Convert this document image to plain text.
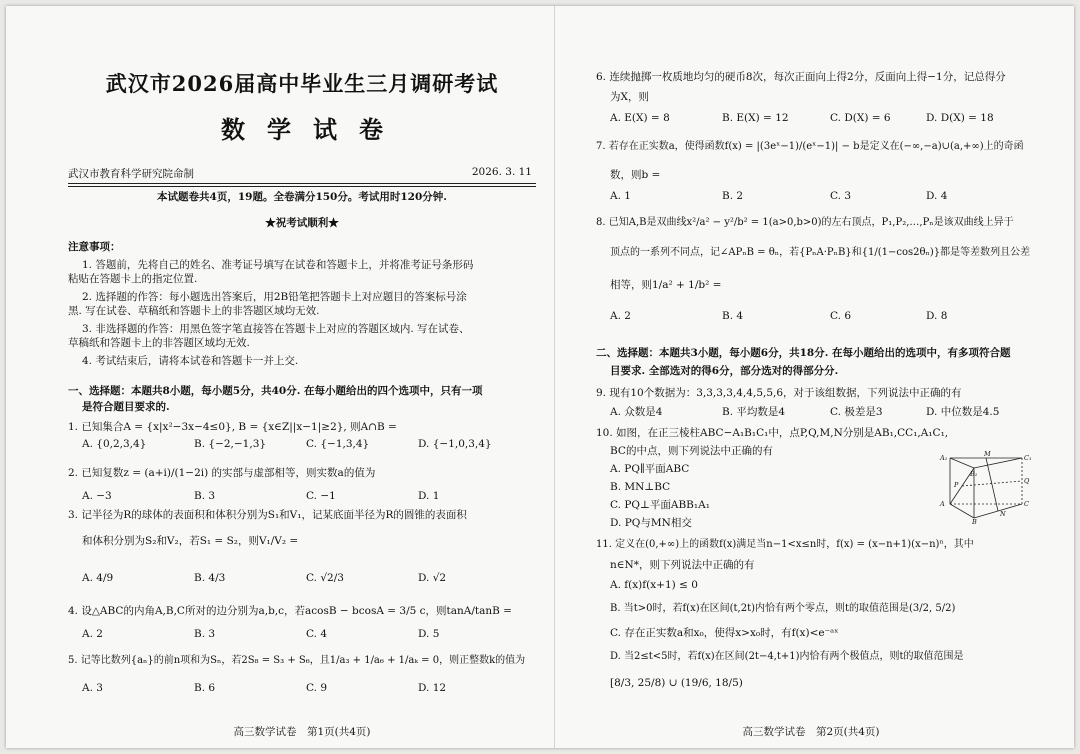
武汉市2026届高中毕业生三月调研考试
数学试卷
武汉市教育科学研究院命制	2026. 3. 11
本试题卷共4页，19题。全卷满分150分。考试用时120分钟.
★祝考试顺利★
注意事项：
1. 答题前，先将自己的姓名、准考证号填写在试卷和答题卡上，并将准考证号条形码
粘贴在答题卡上的指定位置.
2. 选择题的作答：每小题选出答案后，用2B铅笔把答题卡上对应题目的答案标号涂
黑. 写在试卷、草稿纸和答题卡上的非答题区域均无效.
3. 非选择题的作答：用黑色签字笔直接答在答题卡上对应的答题区域内. 写在试卷、
草稿纸和答题卡上的非答题区域均无效.
4. 考试结束后，请将本试卷和答题卡一并上交.
一、选择题：本题共8小题，每小题5分，共40分. 在每小题给出的四个选项中，只有一项
是符合题目要求的.
1. 已知集合A = {x|x²−3x−4≤0}, B = {x∈Z||x−1|≥2}, 则A∩B =
A. {0,2,3,4}	B. {−2,−1,3}	C. {−1,3,4}	D. {−1,0,3,4}
2. 已知复数z = (a+i)/(1−2i) 的实部与虚部相等，则实数a的值为
A. −3	B. 3	C. −1	D. 1
3. 记半径为R的球体的表面积和体积分别为S₁和V₁，记某底面半径为R的圆锥的表面积
和体积分别为S₂和V₂，若S₁ = S₂，则V₁/V₂ =
A. 4/9	B. 4/3	C. √2/3	D. √2
4. 设△ABC的内角A,B,C所对的边分别为a,b,c，若acosB − bcosA = 3/5 c，则tanA/tanB =
A. 2	B. 3	C. 4	D. 5
5. 记等比数列{aₙ}的前n项和为Sₙ，若2S₈ = S₃ + S₆，且1/a₃ + 1/a₆ + 1/aₖ = 0，则正整数k的值为
A. 3	B. 6	C. 9	D. 12
高三数学试卷　第1页(共4页)
6. 连续抛掷一枚质地均匀的硬币8次，每次正面向上得2分，反面向上得−1分，记总得分
为X，则
A. E(X) = 8	B. E(X) = 12	C. D(X) = 6	D. D(X) = 18
7. 若存在正实数a，使得函数f(x) = |(3eˣ−1)/(eˣ−1)| − b是定义在(−∞,−a)∪(a,+∞)上的奇函
数，则b =
A. 1	B. 2	C. 3	D. 4
8. 已知A,B是双曲线x²/a² − y²/b² = 1(a>0,b>0)的左右顶点，P₁,P₂,…,Pₙ是该双曲线上异于
顶点的一系列不同点，记∠APₙB = θₙ，若{PₙA·PₙB}和{1/(1−cos2θₙ)}都是等差数列且公差
相等，则1/a² + 1/b² =
A. 2	B. 4	C. 6	D. 8
二、选择题：本题共3小题，每小题6分，共18分. 在每小题给出的选项中，有多项符合题
目要求. 全部选对的得6分，部分选对的得部分分.
9. 现有10个数据为：3,3,3,3,4,4,5,5,6，对于该组数据，下列说法中正确的有
A. 众数是4	B. 平均数是4	C. 极差是3	D. 中位数是4.5
10. 如图，在正三棱柱ABC−A₁B₁C₁中，点P,Q,M,N分别是AB₁,CC₁,A₁C₁,
BC的中点，则下列说法中正确的有
A. PQ∥平面ABC
B. MN⊥BC
C. PQ⊥平面ABB₁A₁
D. PQ与MN相交
A₁	M	C₁
B₁
P	Q
A	C
N
B
11. 定义在(0,+∞)上的函数f(x)满足当n−1<x≤n时，f(x) = (x−n+1)(x−n)ⁿ，其中
n∈N*，则下列说法中正确的有
A. f(x)f(x+1) ≤ 0
B. 当t>0时，若f(x)在区间(t,2t)内恰有两个零点，则t的取值范围是(3/2, 5/2)
C. 存在正实数a和x₀，使得x>x₀时，有f(x)<e⁻ᵃˣ
D. 当2≤t<5时，若f(x)在区间(2t−4,t+1)内恰有两个极值点，则t的取值范围是
[8/3, 25/8) ∪ (19/6, 18/5)
高三数学试卷　第2页(共4页)
